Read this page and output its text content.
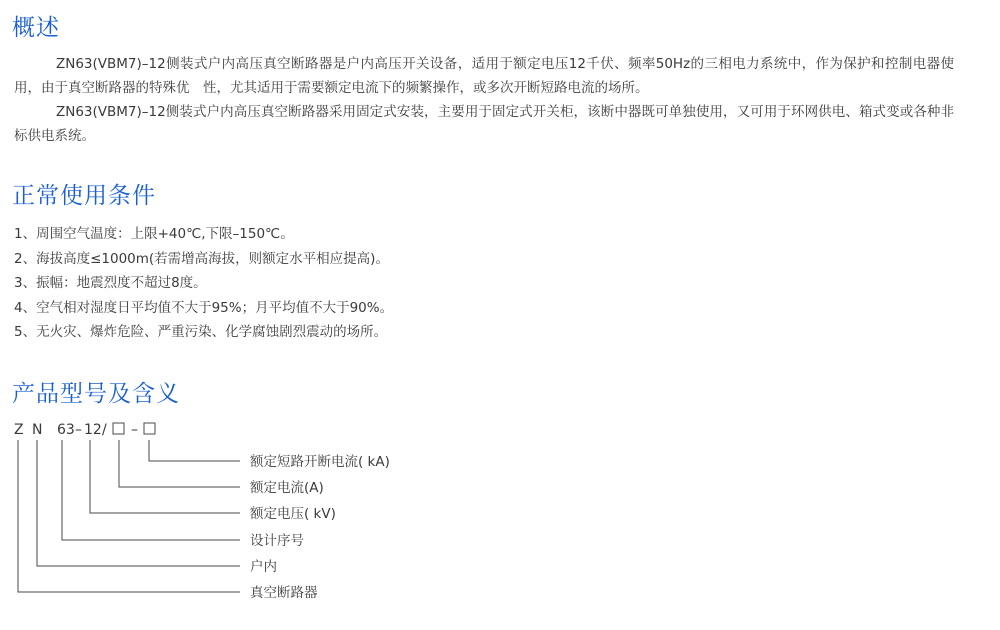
概述

ZN63(VBM7)–12侧装式户内高压真空断路器是户内高压开关设备，适用于额定电压12千伏、频率50Hz的三相电力系统中，作为保护和控制电器使用，由于真空断路器的特殊优　性，尤其适用于需要额定电流下的频繁操作，或多次开断短路电流的场所。

ZN63(VBM7)–12侧装式户内高压真空断路器采用固定式安装，主要用于固定式开关柜，该断中器既可单独使用，又可用于环网供电、箱式变或各种非标供电系统。

正常使用条件
1、周围空气温度：上限+40℃,下限–150℃。
2、海拔高度≤1000m(若需增高海拔，则额定水平相应提高)。
3、振幅：地震烈度不超过8度。
4、空气相对湿度日平均值不大于95%；月平均值不大于90%。
5、无火灾、爆炸危险、严重污染、化学腐蚀剧烈震动的场所。
产品型号及含义
Z N 63 – 12 / –
额定短路开断电流( kA)
额定电流(A)
额定电压( kV)
设计序号
户内
真空断路器
